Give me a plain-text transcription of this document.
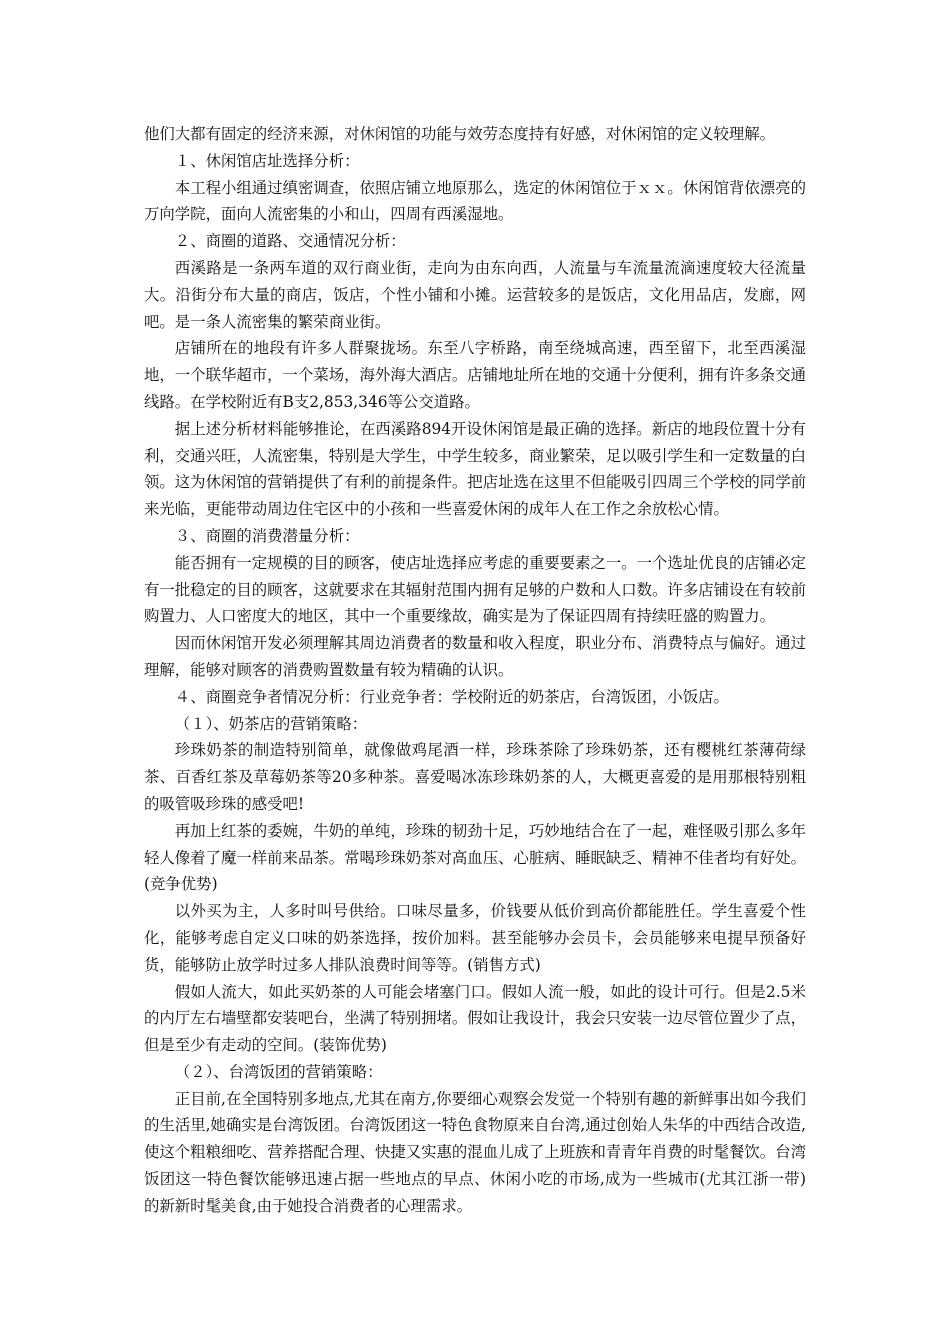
他们大都有固定的经济来源，对休闲馆的功能与效劳态度持有好感，对休闲馆的定义较理解。

１、休闲馆店址选择分析：

本工程小组通过缜密调查，依照店铺立地原那么，选定的休闲馆位于ｘｘ。休闲馆背依漂亮的万向学院，面向人流密集的小和山，四周有西溪湿地。

２、商圈的道路、交通情况分析：

西溪路是一条两车道的双行商业街，走向为由东向西，人流量与车流量流滴速度较大径流量大。沿街分布大量的商店，饭店，个性小铺和小摊。运营较多的是饭店，文化用品店，发廊，网吧。是一条人流密集的繁荣商业街。

店铺所在的地段有许多人群聚拢场。东至八字桥路，南至绕城高速，西至留下，北至西溪湿地，一个联华超市，一个菜场，海外海大酒店。店铺地址所在地的交通十分便利，拥有许多条交通线路。在学校附近有B支2,853,346等公交道路。

据上述分析材料能够推论，在西溪路894开设休闲馆是最正确的选择。新店的地段位置十分有利，交通兴旺，人流密集，特别是大学生，中学生较多，商业繁荣，足以吸引学生和一定数量的白领。这为休闲馆的营销提供了有利的前提条件。把店址选在这里不但能吸引四周三个学校的同学前来光临，更能带动周边住宅区中的小孩和一些喜爱休闲的成年人在工作之余放松心情。

３、商圈的消费潜量分析：

能否拥有一定规模的目的顾客，使店址选择应考虑的重要要素之一。一个选址优良的店铺必定有一批稳定的目的顾客，这就要求在其辐射范围内拥有足够的户数和人口数。许多店铺设在有较前购置力、人口密度大的地区，其中一个重要缘故，确实是为了保证四周有持续旺盛的购置力。

因而休闲馆开发必须理解其周边消费者的数量和收入程度，职业分布、消费特点与偏好。通过理解，能够对顾客的消费购置数量有较为精确的认识。

４、商圈竞争者情况分析：行业竞争者：学校附近的奶茶店，台湾饭团，小饭店。

（１）、奶茶店的营销策略：

珍珠奶茶的制造特别简单，就像做鸡尾酒一样，珍珠茶除了珍珠奶茶，还有樱桃红茶薄荷绿茶、百香红茶及草莓奶茶等20多种茶。喜爱喝冰冻珍珠奶茶的人，大概更喜爱的是用那根特别粗的吸管吸珍珠的感受吧!

再加上红茶的委婉，牛奶的单纯，珍珠的韧劲十足，巧妙地结合在了一起，难怪吸引那么多年轻人像着了魔一样前来品茶。常喝珍珠奶茶对高血压、心脏病、睡眠缺乏、精神不佳者均有好处。(竞争优势)

以外买为主，人多时叫号供给。口味尽量多，价钱要从低价到高价都能胜任。学生喜爱个性化，能够考虑自定义口味的奶茶选择，按价加料。甚至能够办会员卡，会员能够来电提早预备好货，能够防止放学时过多人排队浪费时间等等。(销售方式)

假如人流大，如此买奶茶的人可能会堵塞门口。假如人流一般，如此的设计可行。但是2.5米的内厅左右墙壁都安装吧台，坐满了特别拥堵。假如让我设计，我会只安装一边尽管位置少了点，但是至少有走动的空间。(装饰优势)

（２）、台湾饭团的营销策略：

正目前,在全国特别多地点,尤其在南方,你要细心观察会发觉一个特别有趣的新鲜事出如今我们的生活里,她确实是台湾饭团。台湾饭团这一特色食物原来自台湾,通过创始人朱华的中西结合改造,使这个粗粮细吃、营养搭配合理、快捷又实惠的混血儿成了上班族和青青年肖费的时髦餐饮。台湾饭团这一特色餐饮能够迅速占据一些地点的早点、休闲小吃的市场,成为一些城市(尤其江浙一带)的新新时髦美食,由于她投合消费者的心理需求。
